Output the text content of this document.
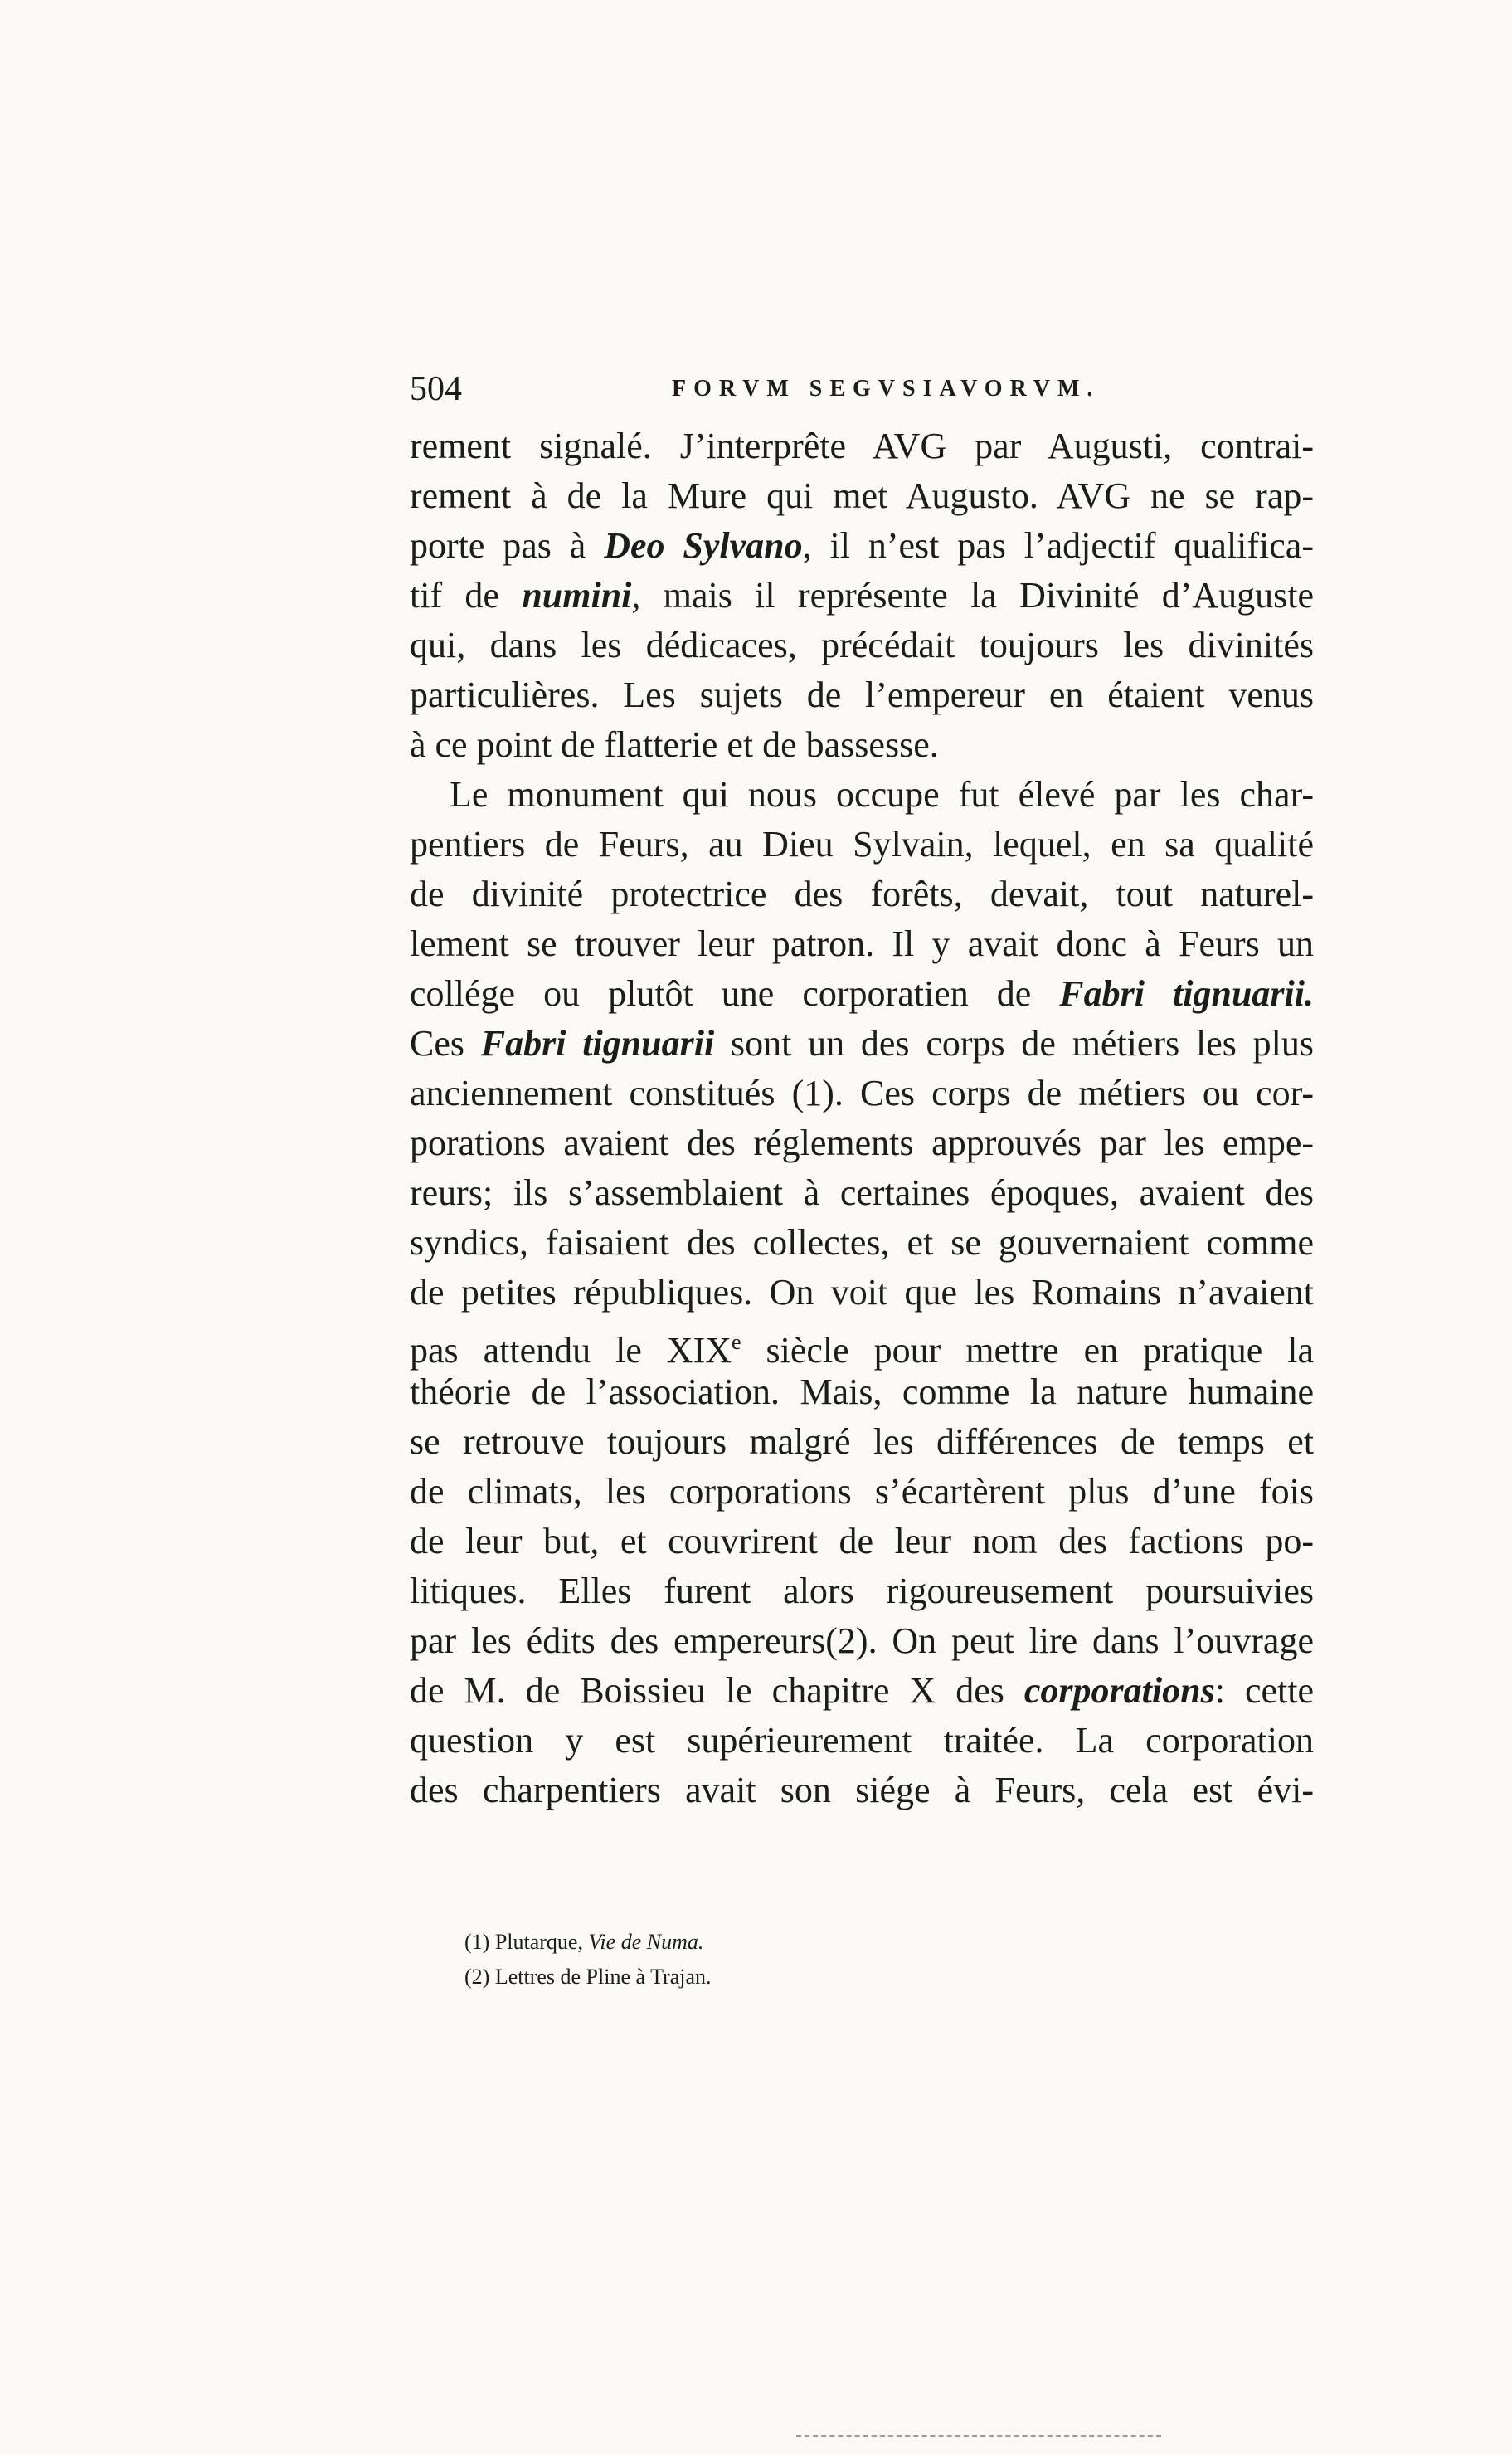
504	FORVM SEGVSIAVORVM.
rement signalé. J’interprête AVG par Augusti, contrai-
rement à de la Mure qui met Augusto. AVG ne se rap-
porte pas à Deo Sylvano, il n’est pas l’adjectif qualifica-
tif de numini, mais il représente la Divinité d’Auguste
qui, dans les dédicaces, précédait toujours les divinités
particulières. Les sujets de l’empereur en étaient venus
à ce point de flatterie et de bassesse.
Le monument qui nous occupe fut élevé par les char-
pentiers de Feurs, au Dieu Sylvain, lequel, en sa qualité
de divinité protectrice des forêts, devait, tout naturel-
lement se trouver leur patron. Il y avait donc à Feurs un
collége ou plutôt une corporatien de Fabri tignuarii.
Ces Fabri tignuarii sont un des corps de métiers les plus
anciennement constitués (1). Ces corps de métiers ou cor-
porations avaient des réglements approuvés par les empe-
reurs; ils s’assemblaient à certaines époques, avaient des
syndics, faisaient des collectes, et se gouvernaient comme
de petites républiques. On voit que les Romains n’avaient
pas attendu le XIXe siècle pour mettre en pratique la
théorie de l’association. Mais, comme la nature humaine
se retrouve toujours malgré les différences de temps et
de climats, les corporations s’écartèrent plus d’une fois
de leur but, et couvrirent de leur nom des factions po-
litiques. Elles furent alors rigoureusement poursuivies
par les édits des empereurs(2). On peut lire dans l’ouvrage
de M. de Boissieu le chapitre X des corporations: cette
question y est supérieurement traitée. La corporation
des charpentiers avait son siége à Feurs, cela est évi-
(1) Plutarque, Vie de Numa.
(2) Lettres de Pline à Trajan.
